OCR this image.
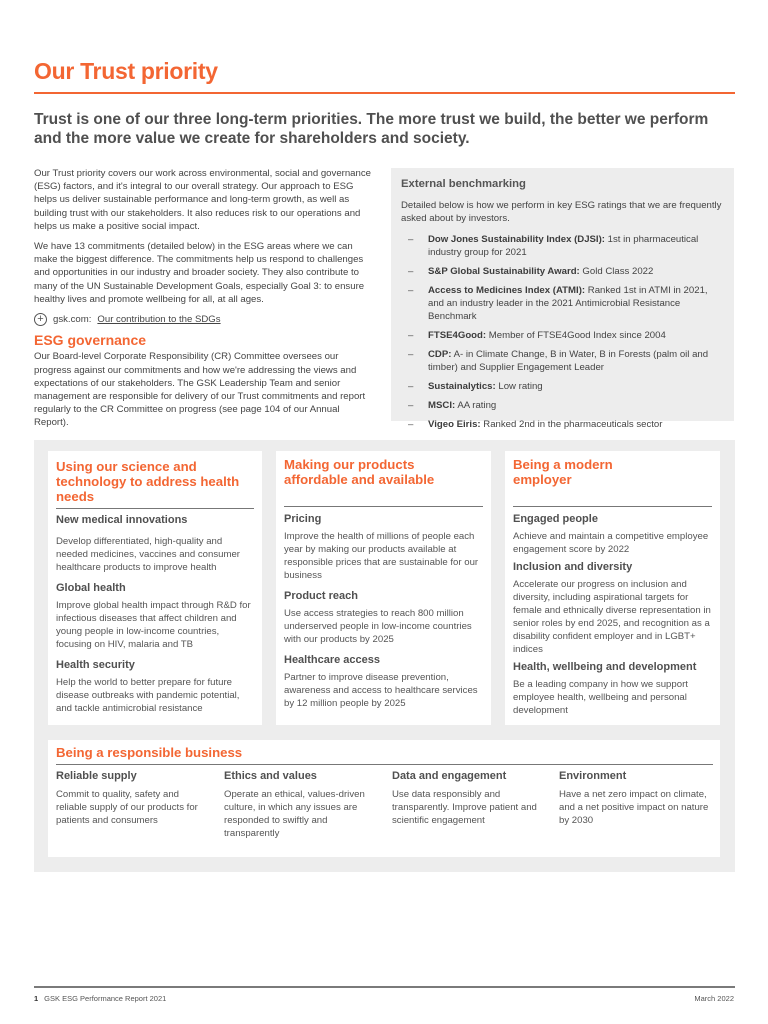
Our Trust priority
Trust is one of our three long-term priorities. The more trust we build, the better we perform and the more value we create for shareholders and society.

Our Trust priority covers our work across environmental, social and governance (ESG) factors, and it's integral to our overall strategy. Our approach to ESG helps us deliver sustainable performance and long-term growth, as well as building trust with our stakeholders. It also reduces risk to our operations and helps us make a positive social impact.

We have 13 commitments (detailed below) in the ESG areas where we can make the biggest difference. The commitments help us respond to challenges and opportunities in our industry and broader society. They also contribute to many of the UN Sustainable Development Goals, especially Goal 3: to ensure healthy lives and promote wellbeing for all, at all ages.

+ gsk.com: Our contribution to the SDGs
ESG governance

Our Board-level Corporate Responsibility (CR) Committee oversees our progress against our commitments and how we're addressing the views and expectations of our stakeholders. The GSK Leadership Team and senior management are responsible for delivery of our Trust commitments and report regularly to the CR Committee on progress (see page 104 of our Annual Report).

External benchmarking

Detailed below is how we perform in key ESG ratings that we are frequently asked about by investors.

– Dow Jones Sustainability Index (DJSI): 1st in pharmaceutical industry group for 2021
– S&P Global Sustainability Award: Gold Class 2022
– Access to Medicines Index (ATMI): Ranked 1st in ATMI in 2021, and an industry leader in the 2021 Antimicrobial Resistance Benchmark
– FTSE4Good: Member of FTSE4Good Index since 2004
– CDP: A- in Climate Change, B in Water, B in Forests (palm oil and timber) and Supplier Engagement Leader
– Sustainalytics: Low rating
– MSCI: AA rating
– Vigeo Eiris: Ranked 2nd in the pharmaceuticals sector
Using our science and technology to address health needs
New medical innovations

Develop differentiated, high-quality and needed medicines, vaccines and consumer healthcare products to improve health

Global health

Improve global health impact through R&D for infectious diseases that affect children and young people in low-income countries, focusing on HIV, malaria and TB

Health security

Help the world to better prepare for future disease outbreaks with pandemic potential, and tackle antimicrobial resistance

Making our products affordable and available
Pricing

Improve the health of millions of people each year by making our products available at responsible prices that are sustainable for our business

Product reach

Use access strategies to reach 800 million underserved people in low-income countries with our products by 2025

Healthcare access

Partner to improve disease prevention, awareness and access to healthcare services by 12 million people by 2025

Being a modern employer
Engaged people

Achieve and maintain a competitive employee engagement score by 2022

Inclusion and diversity

Accelerate our progress on inclusion and diversity, including aspirational targets for female and ethnically diverse representation in senior roles by end 2025, and recognition as a disability confident employer and in LGBT+ indices

Health, wellbeing and development

Be a leading company in how we support employee health, wellbeing and personal development

Being a responsible business
Reliable supply

Commit to quality, safety and reliable supply of our products for patients and consumers

Ethics and values

Operate an ethical, values-driven culture, in which any issues are responded to swiftly and transparently

Data and engagement

Use data responsibly and transparently. Improve patient and scientific engagement

Environment

Have a net zero impact on climate, and a net positive impact on nature by 2030

1 GSK ESG Performance Report 2021	March 2022
